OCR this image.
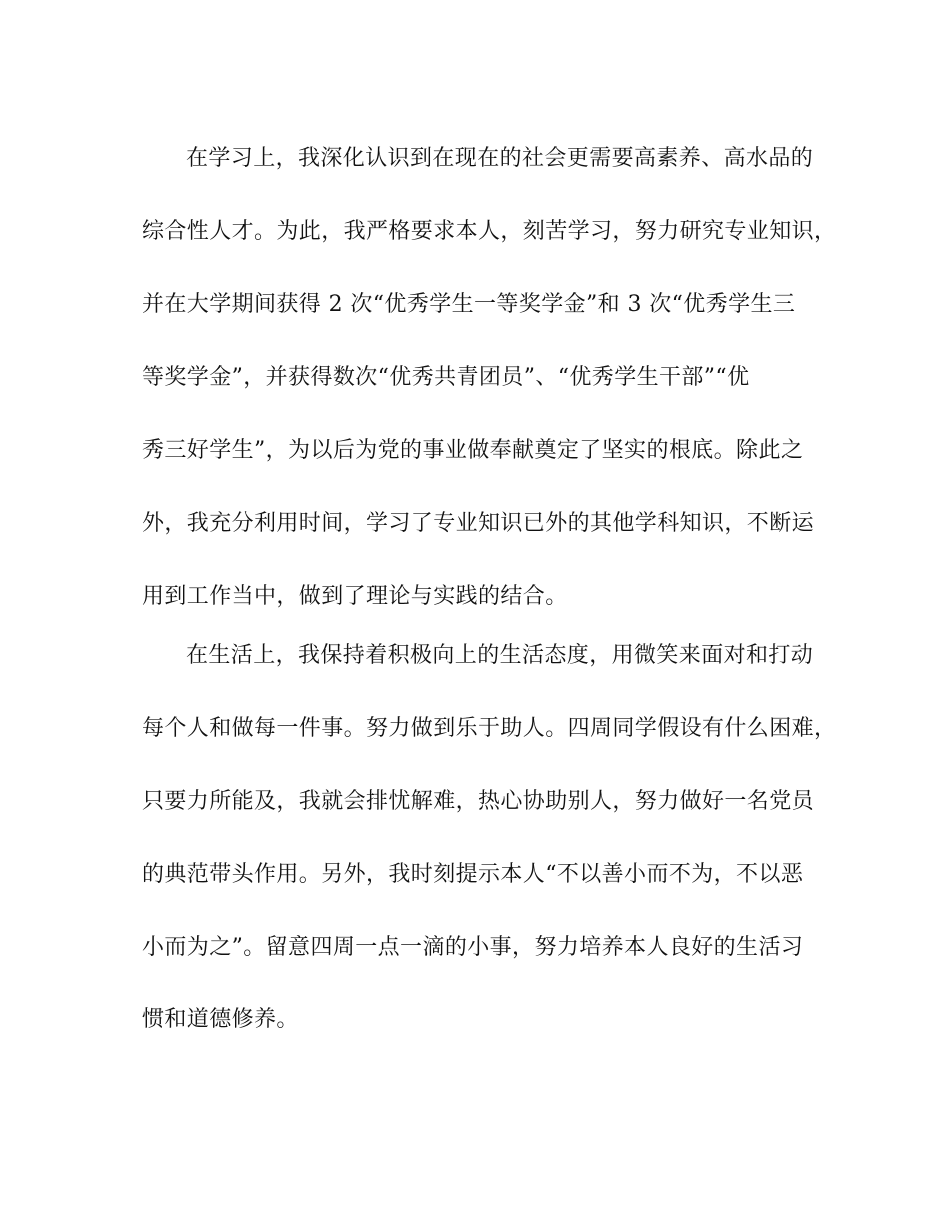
在学习上，我深化认识到在现在的社会更需要高素养、高水品的
综合性人才。为此，我严格要求本人，刻苦学习，努力研究专业知识，
并在大学期间获得 2 次“优秀学生一等奖学金”和 3 次“优秀学生三
等奖学金”，并获得数次“优秀共青团员”、“优秀学生干部”“优
秀三好学生”，为以后为党的事业做奉献奠定了坚实的根底。除此之
外，我充分利用时间，学习了专业知识已外的其他学科知识，不断运
用到工作当中，做到了理论与实践的结合。
在生活上，我保持着积极向上的生活态度，用微笑来面对和打动
每个人和做每一件事。努力做到乐于助人。四周同学假设有什么困难，
只要力所能及，我就会排忧解难，热心协助别人，努力做好一名党员
的典范带头作用。另外，我时刻提示本人“不以善小而不为，不以恶
小而为之”。留意四周一点一滴的小事，努力培养本人良好的生活习
惯和道德修养。
